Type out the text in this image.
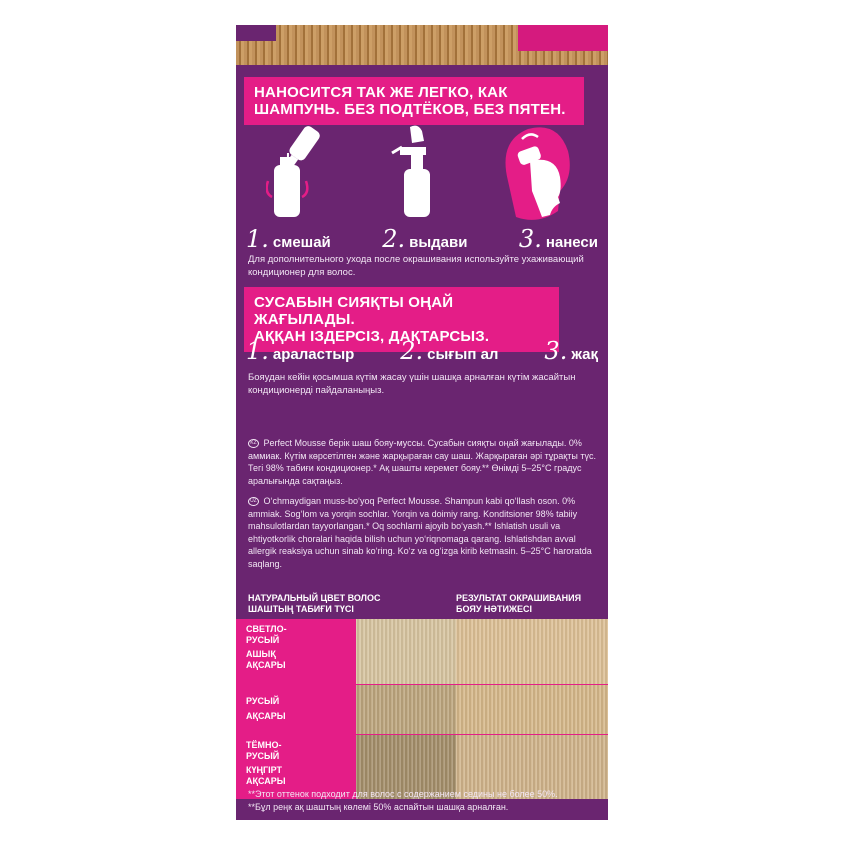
НАНОСИТСЯ ТАК ЖЕ ЛЕГКО, КАК
ШАМПУНЬ. БЕЗ ПОДТЁКОВ, БЕЗ ПЯТЕН.
1. смешай 2. выдави 3. нанеси
Для дополнительного ухода после окрашивания используйте ухаживающий кондиционер для волос.
СУСАБЫН СИЯҚТЫ ОҢАЙ ЖАҒЫЛАДЫ.
АҚҚАН ІЗДЕРСІЗ, ДАҚТАРСЫЗ.
1. араластыр 2. сығып ал 3. жақ
Бояудан кейін қосымша күтім жасау үшін шашқа арналған күтім жасайтын кондиционерді пайдаланыңыз.
KZ Perfect Mousse берік шаш бояу-муссы. Сусабын сияқты оңай жағылады. 0% аммиак. Күтім көрсетілген және жарқыраған сау шаш. Жарқыраған әрі тұрақты түс. Тегі 98% табиғи кондиционер.* Ақ шашты керемет бояу.** Өнімді 5–25°С градус аралығында сақтаңыз.
UZ O‘chmaydigan muss-bo‘yoq Perfect Mousse. Shampun kabi qo‘llash oson. 0% ammiak. Sog‘lom va yorqin sochlar. Yorqin va doimiy rang. Konditsioner 98% tabiiy mahsulotlardan tayyorlangan.* Oq sochlarni ajoyib bo‘yash.** Ishlatish usuli va ehtiyotkorlik choralari haqida bilish uchun yo‘riqnomaga qarang. Ishlatishdan avval allergik reaksiya uchun sinab ko‘ring. Ko‘z va og‘izga kirib ketmasin. 5–25°C haroratda saqlang.
НАТУРАЛЬНЫЙ ЦВЕТ ВОЛОС
ШАШТЫҢ ТАБИҒИ ТҮСІ
РЕЗУЛЬТАТ ОКРАШИВАНИЯ
БОЯУ НӘТИЖЕСІ
СВЕТЛО-
РУСЫЙ
АШЫҚ
АҚСАРЫ
РУСЫЙ
АҚСАРЫ
ТЁМНО-
РУСЫЙ
КҮҢГІРТ
АҚСАРЫ
**Этот оттенок подходит для волос с содержанием седины не более 50%.
**Бұл реңк ақ шаштың көлемі 50% аспайтын шашқа арналған.
